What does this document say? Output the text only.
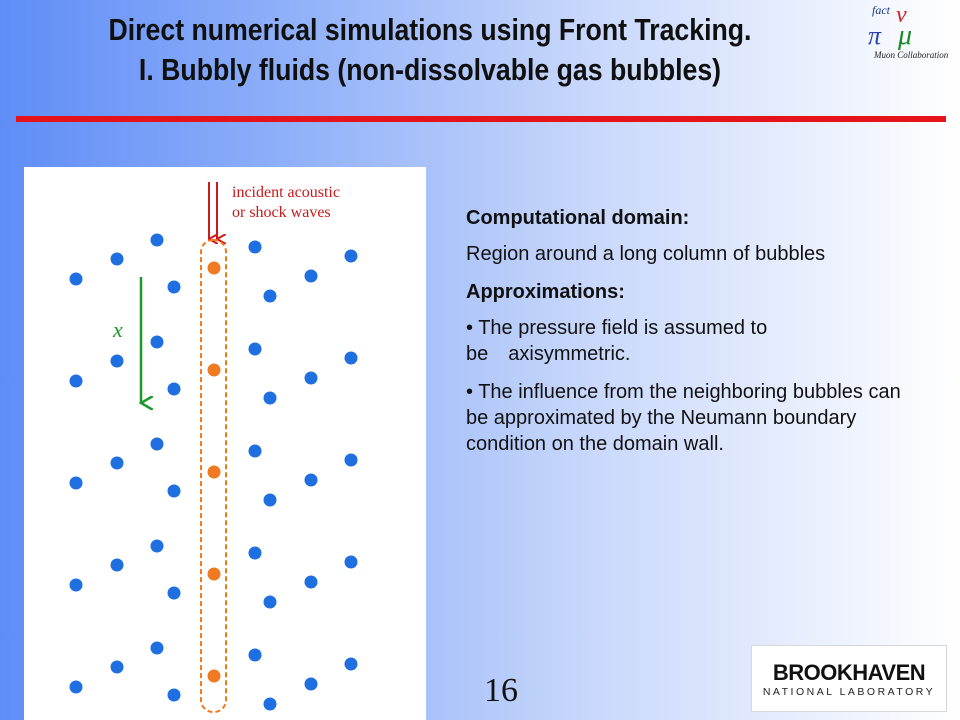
Direct numerical simulations using Front Tracking.
I. Bubbly fluids (non-dissolvable gas bubbles)
fact ν
π μ
Muon Collaboration
incident acoustic
or shock waves
x

Computational domain:

Region around a long column of bubbles

Approximations:

• The pressure field is assumed to be axisymmetric.

• The influence from the neighboring bubbles can be approximated by the Neumann boundary condition on the domain wall.

16	BROOKHAVEN
NATIONAL LABORATORY
